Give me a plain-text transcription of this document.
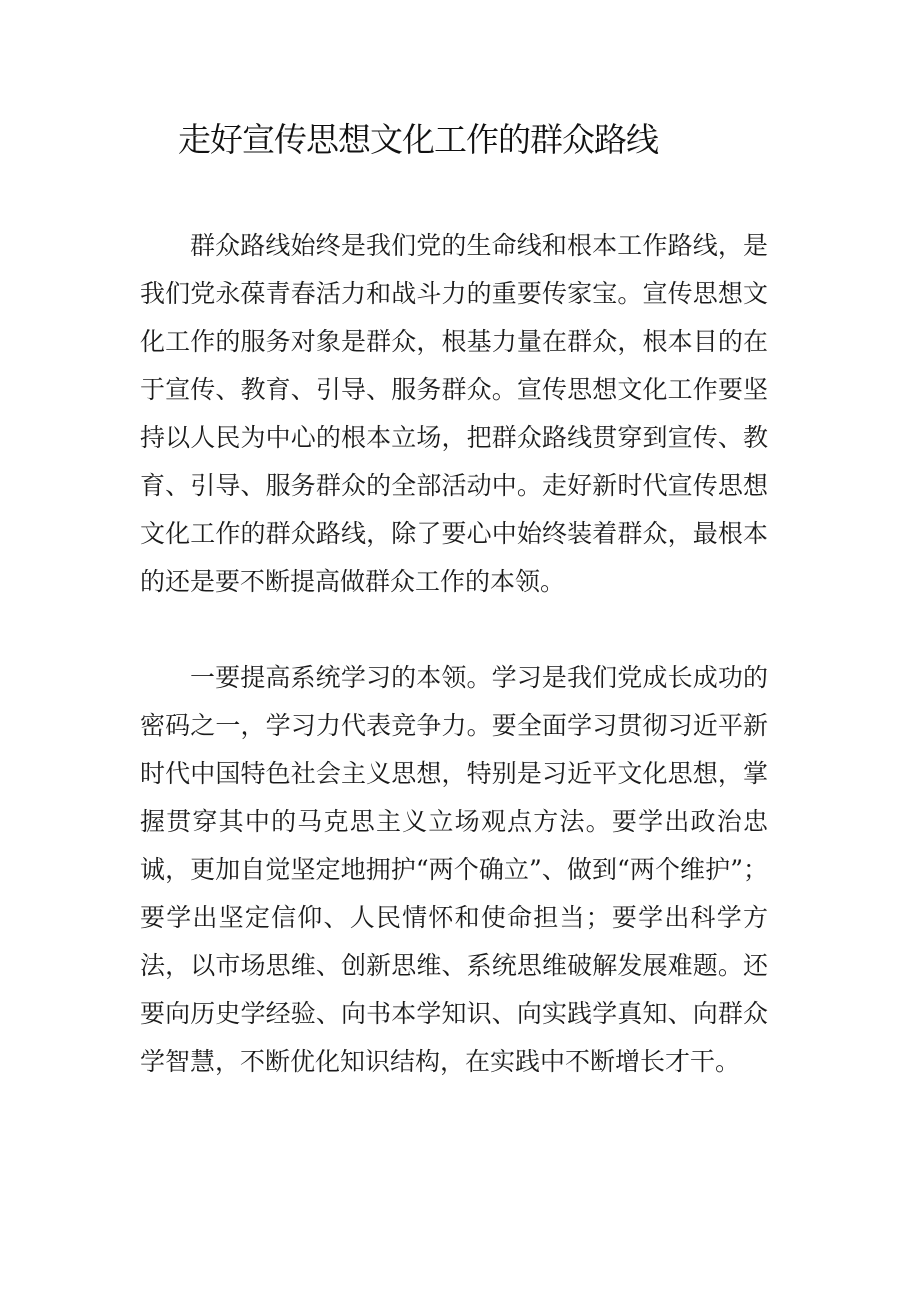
走好宣传思想文化工作的群众路线

群众路线始终是我们党的生命线和根本工作路线，是我们党永葆青春活力和战斗力的重要传家宝。宣传思想文化工作的服务对象是群众，根基力量在群众，根本目的在于宣传、教育、引导、服务群众。宣传思想文化工作要坚持以人民为中心的根本立场，把群众路线贯穿到宣传、教育、引导、服务群众的全部活动中。走好新时代宣传思想文化工作的群众路线，除了要心中始终装着群众，最根本的还是要不断提高做群众工作的本领。

一要提高系统学习的本领。学习是我们党成长成功的密码之一，学习力代表竞争力。要全面学习贯彻习近平新时代中国特色社会主义思想，特别是习近平文化思想，掌握贯穿其中的马克思主义立场观点方法。要学出政治忠诚，更加自觉坚定地拥护“两个确立”、做到“两个维护”；要学出坚定信仰、人民情怀和使命担当；要学出科学方法，以市场思维、创新思维、系统思维破解发展难题。还要向历史学经验、向书本学知识、向实践学真知、向群众学智慧，不断优化知识结构，在实践中不断增长才干。
